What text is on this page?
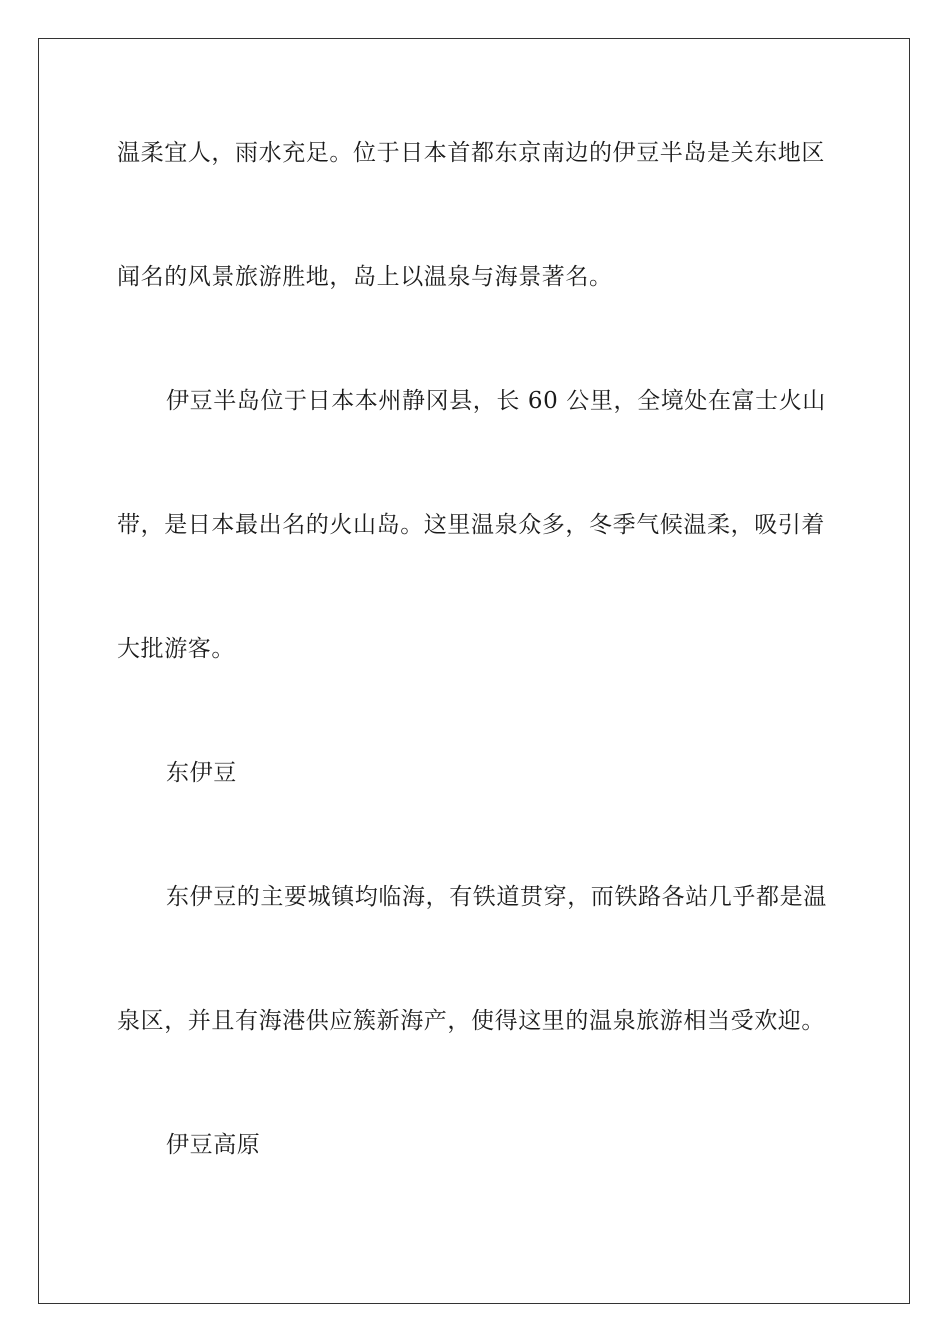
温柔宜人，雨水充足。位于日本首都东京南边的伊豆半岛是关东地区
闻名的风景旅游胜地，岛上以温泉与海景著名。
伊豆半岛位于日本本州静冈县，长 60 公里，全境处在富士火山
带，是日本最出名的火山岛。这里温泉众多，冬季气候温柔，吸引着
大批游客。
东伊豆
东伊豆的主要城镇均临海，有铁道贯穿，而铁路各站几乎都是温
泉区，并且有海港供应簇新海产，使得这里的温泉旅游相当受欢迎。
伊豆高原
